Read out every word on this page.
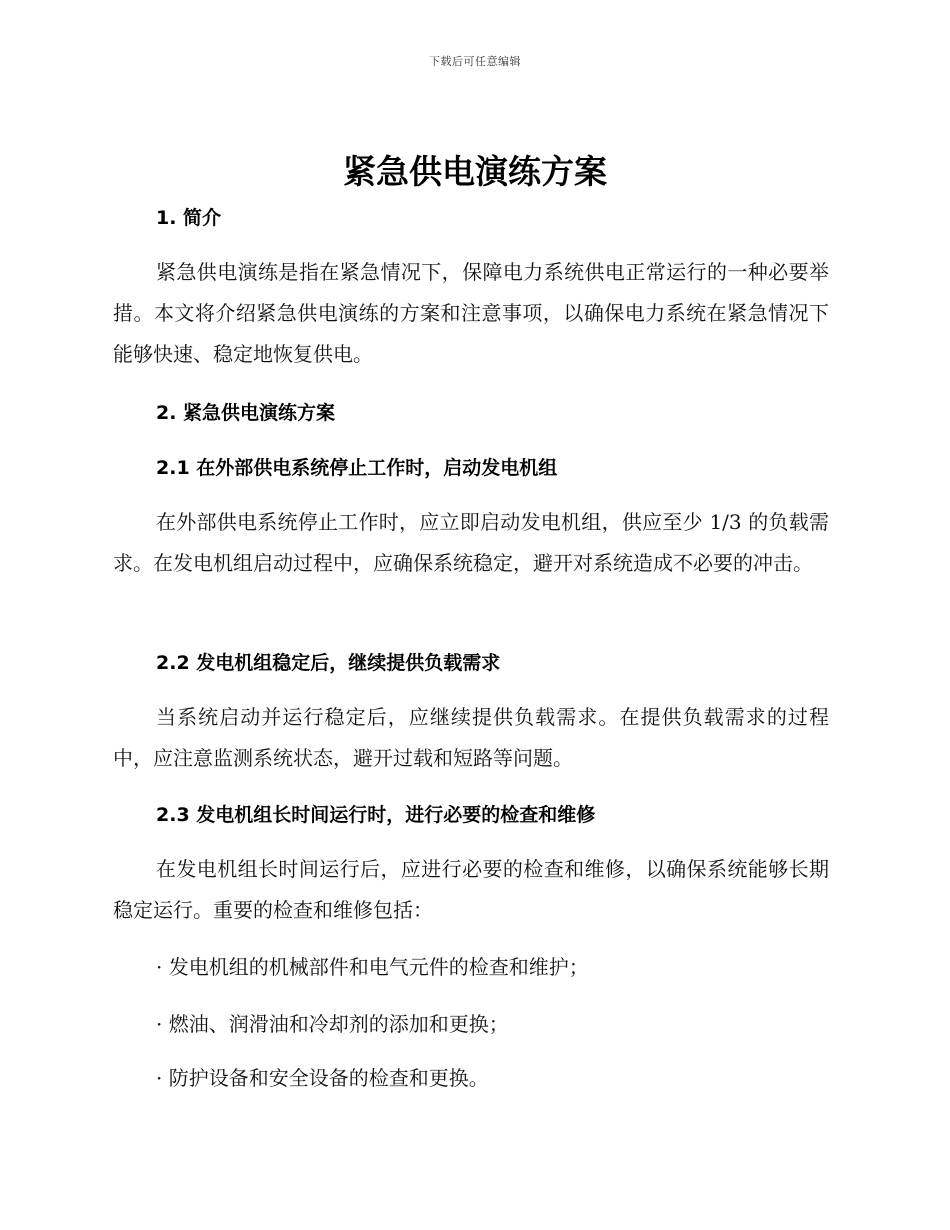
下载后可任意编辑
紧急供电演练方案
1. 简介

紧急供电演练是指在紧急情况下，保障电力系统供电正常运行的一种必要举措。本文将介绍紧急供电演练的方案和注意事项，以确保电力系统在紧急情况下能够快速、稳定地恢复供电。

2. 紧急供电演练方案
2.1 在外部供电系统停止工作时，启动发电机组

在外部供电系统停止工作时，应立即启动发电机组，供应至少 1/3 的负载需求。在发电机组启动过程中，应确保系统稳定，避开对系统造成不必要的冲击。

2.2 发电机组稳定后，继续提供负载需求

当系统启动并运行稳定后，应继续提供负载需求。在提供负载需求的过程中，应注意监测系统状态，避开过载和短路等问题。

2.3 发电机组长时间运行时，进行必要的检查和维修

在发电机组长时间运行后，应进行必要的检查和维修，以确保系统能够长期稳定运行。重要的检查和维修包括：

· 发电机组的机械部件和电气元件的检查和维护；

· 燃油、润滑油和冷却剂的添加和更换；

· 防护设备和安全设备的检查和更换。
